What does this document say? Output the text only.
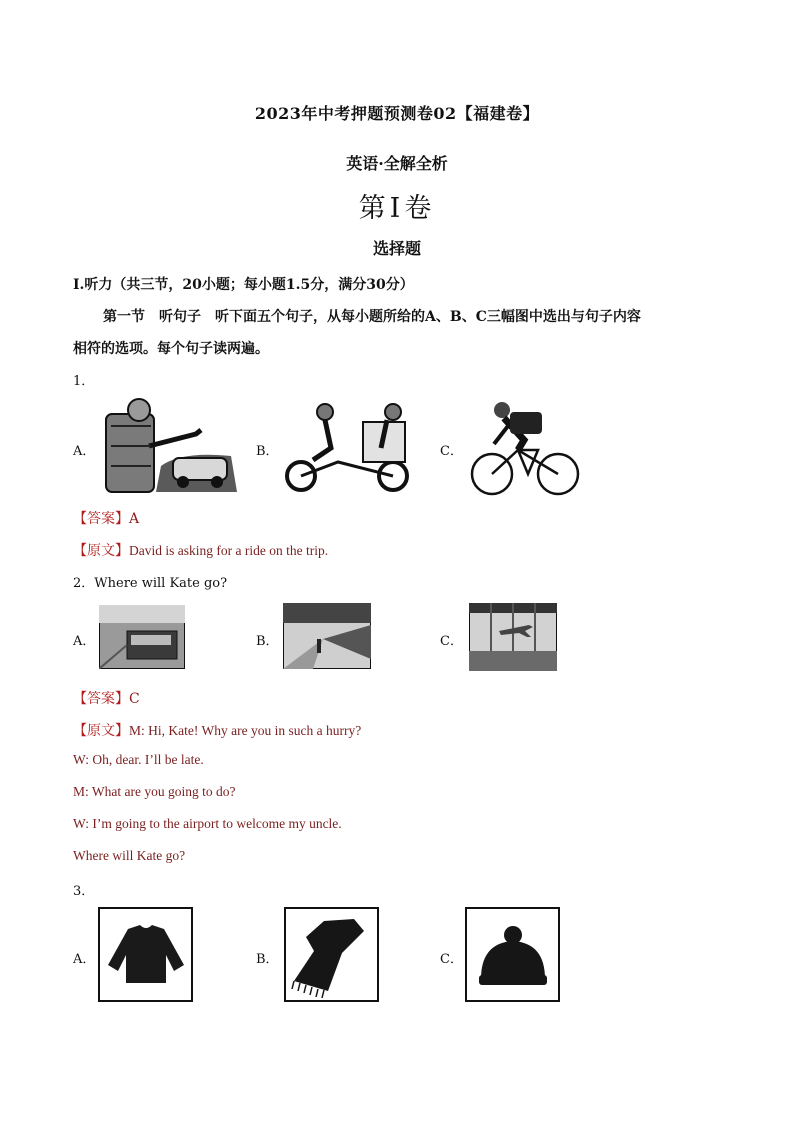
2023年中考押题预测卷02【福建卷】
英语·全解全析
第Ⅰ卷
选择题
Ⅰ.听力（共三节，20小题；每小题1.5分，满分30分）
第一节　听句子　听下面五个句子，从每小题所给的A、B、C三幅图中选出与句子内容
相符的选项。每个句子读两遍。
1．
A．	B．	C．
【答案】A
【原文】David is asking for a ride on the trip.
2．Where will Kate go?
A．	B．	C．
【答案】C
【原文】M: Hi, Kate! Why are you in such a hurry?
W: Oh, dear. I’ll be late.
M: What are you going to do?
W: I’m going to the airport to welcome my uncle.
Where will Kate go?
3．
A．	B．	C．
